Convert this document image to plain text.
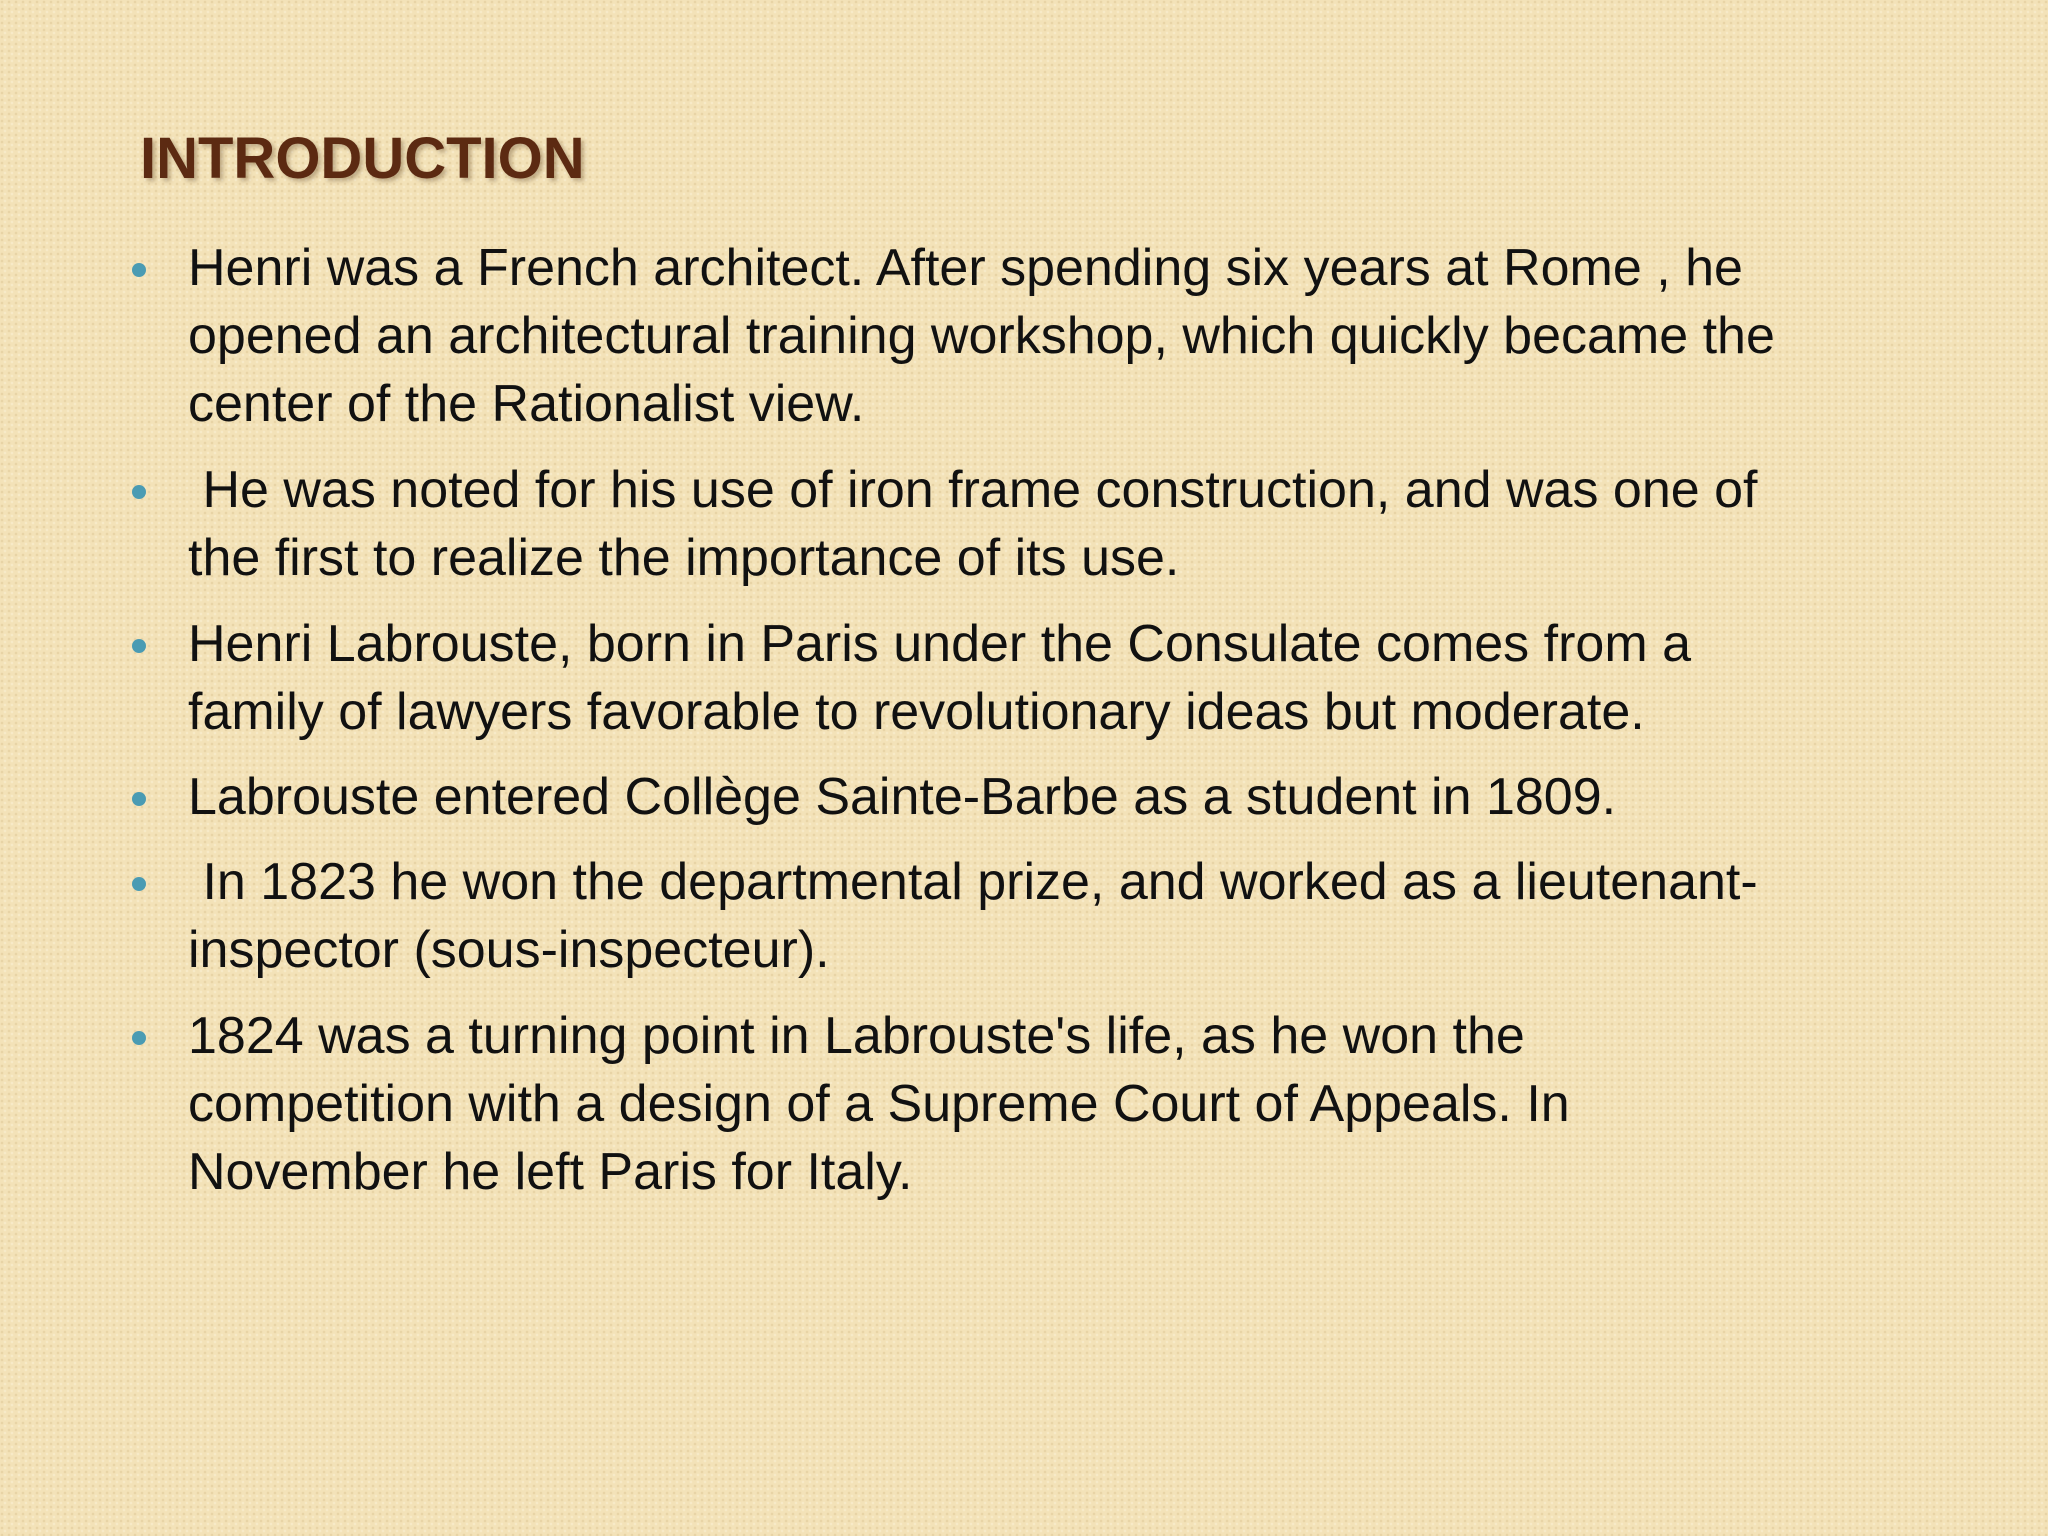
INTRODUCTION
Henri was a French architect. After spending six years at Rome , he
opened an architectural training workshop, which quickly became the
center of the Rationalist view.
He was noted for his use of iron frame construction, and was one of
the first to realize the importance of its use.
Henri Labrouste, born in Paris under the Consulate comes from a
family of lawyers favorable to revolutionary ideas but moderate.
Labrouste entered Collège Sainte-Barbe as a student in 1809.
In 1823 he won the departmental prize, and worked as a lieutenant-
inspector (sous-inspecteur).
1824 was a turning point in Labrouste's life, as he won the
competition with a design of a Supreme Court of Appeals. In
November he left Paris for Italy.
